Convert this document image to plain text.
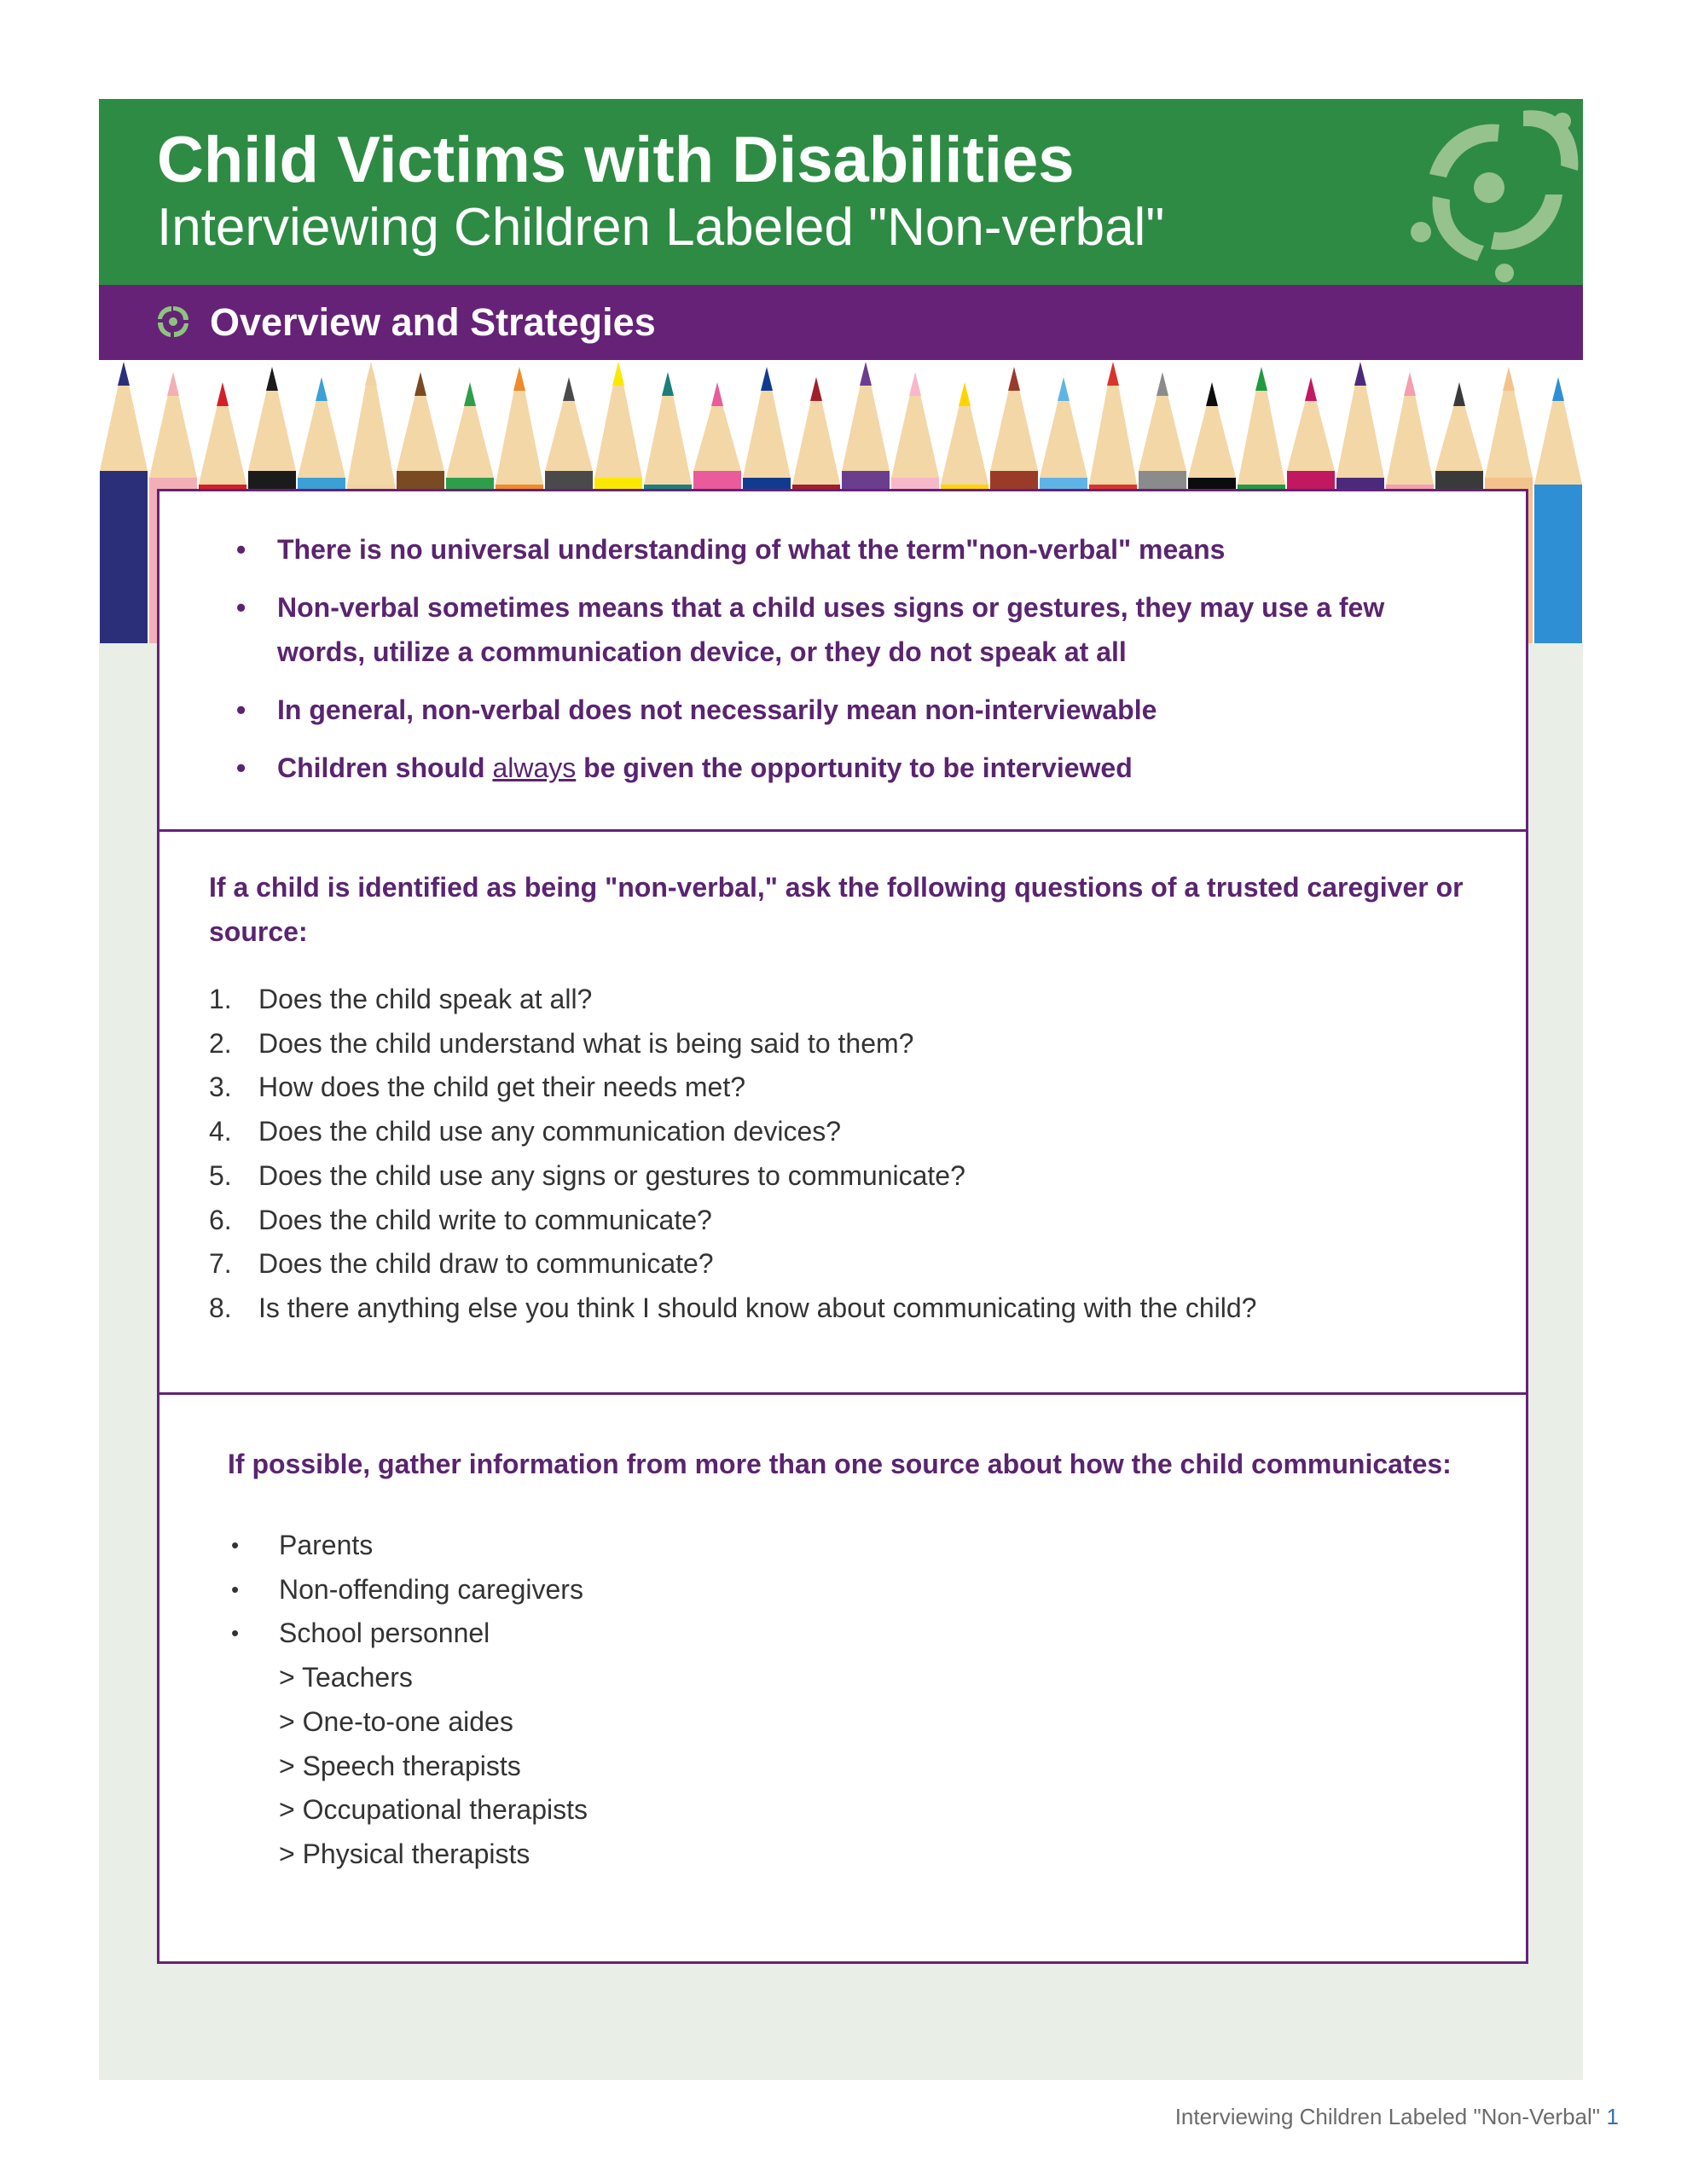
Child Victims with Disabilities
Interviewing Children Labeled "Non-verbal"
Overview and Strategies
• There is no universal understanding of what the term"non-verbal" means
• Non-verbal sometimes means that a child uses signs or gestures, they may use a few words, utilize a communication device, or they do not speak at all
• In general, non-verbal does not necessarily mean non-interviewable
• Children should always be given the opportunity to be interviewed

If a child is identified as being "non-verbal," ask the following questions of a trusted caregiver or source:

1. Does the child speak at all?
2. Does the child understand what is being said to them?
3. How does the child get their needs met?
4. Does the child use any communication devices?
5. Does the child use any signs or gestures to communicate?
6. Does the child write to communicate?
7. Does the child draw to communicate?
8. Is there anything else you think I should know about communicating with the child?

If possible, gather information from more than one source about how the child communicates:

• Parents
• Non-offending caregivers
• School personnel
> Teachers
> One-to-one aides
> Speech therapists
> Occupational therapists
> Physical therapists

Interviewing Children Labeled "Non-Verbal" 1
